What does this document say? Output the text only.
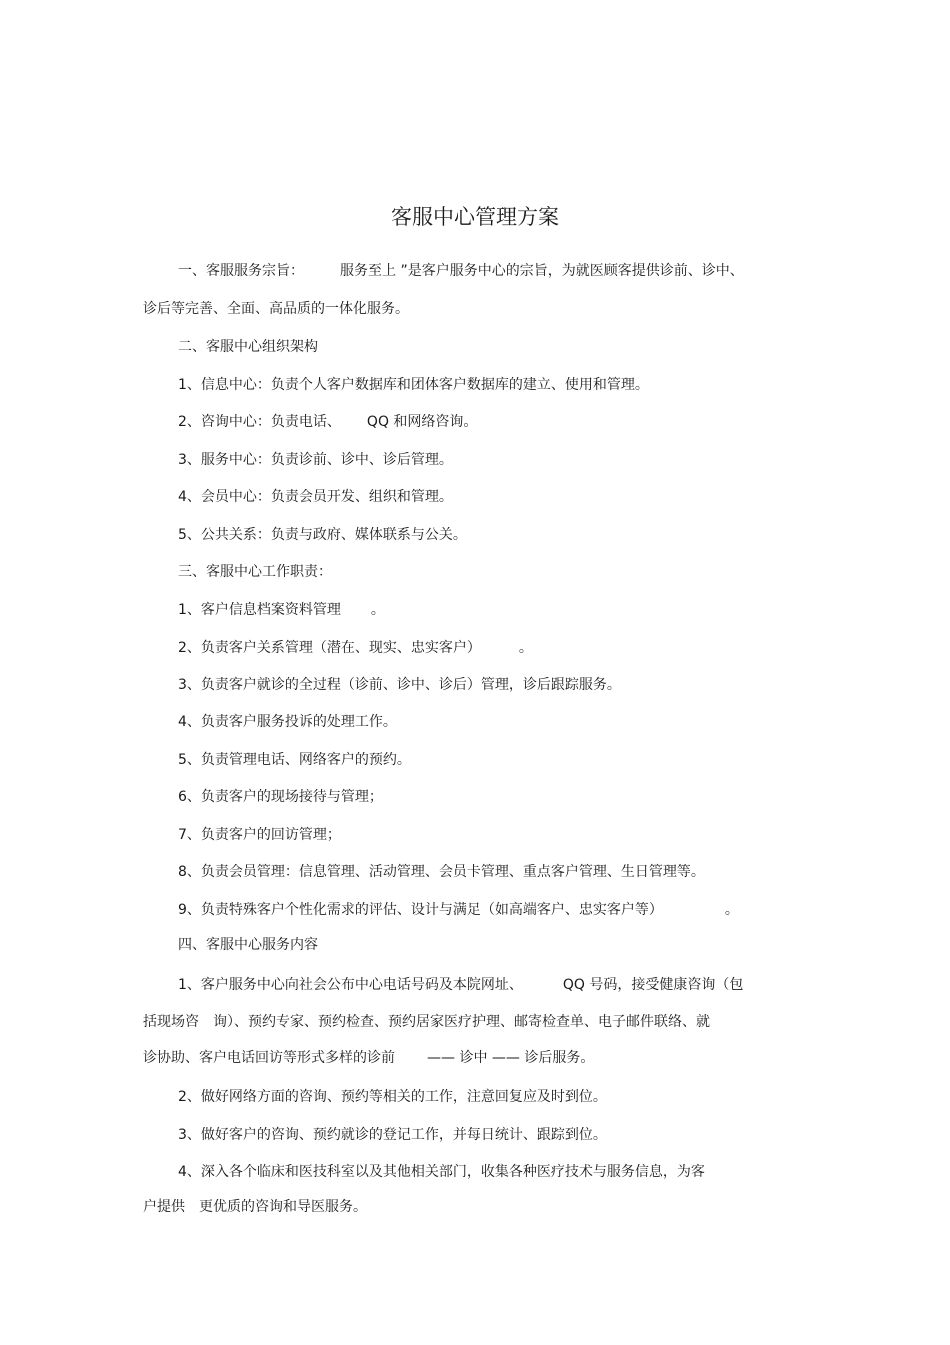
客服中心管理方案
一、客服服务宗旨：	服务至上 ”是客户服务中心的宗旨，为就医顾客提供诊前、诊中、
诊后等完善、全面、高品质的一体化服务。
二、客服中心组织架构
1、信息中心：负责个人客户数据库和团体客户数据库的建立、使用和管理。
2、咨询中心：负责电话、 QQ 和网络咨询。
3、服务中心：负责诊前、诊中、诊后管理。
4、会员中心：负责会员开发、组织和管理。
5、公共关系：负责与政府、媒体联系与公关。
三、客服中心工作职责：
1、客户信息档案资料管理 。
2、负责客户关系管理（潜在、现实、忠实客户）	。
3、负责客户就诊的全过程（诊前、诊中、诊后）管理，诊后跟踪服务。
4、负责客户服务投诉的处理工作。
5、负责管理电话、网络客户的预约。
6、负责客户的现场接待与管理；
7、负责客户的回访管理；
8、负责会员管理：信息管理、活动管理、会员卡管理、重点客户管理、生日管理等。
9、负责特殊客户个性化需求的评估、设计与满足（如高端客户、忠实客户等）	。
四、客服中心服务内容
1、客户服务中心向社会公布中心电话号码及本院网址、	QQ 号码，接受健康咨询（包
括现场咨 询）、预约专家、预约检查、预约居家医疗护理、邮寄检查单、电子邮件联络、就
诊协助、客户电话回访等形式多样的诊前 —— 诊中 —— 诊后服务。
2、做好网络方面的咨询、预约等相关的工作，注意回复应及时到位。
3、做好客户的咨询、预约就诊的登记工作，并每日统计、跟踪到位。
4、深入各个临床和医技科室以及其他相关部门，收集各种医疗技术与服务信息，为客
户提供 更优质的咨询和导医服务。
